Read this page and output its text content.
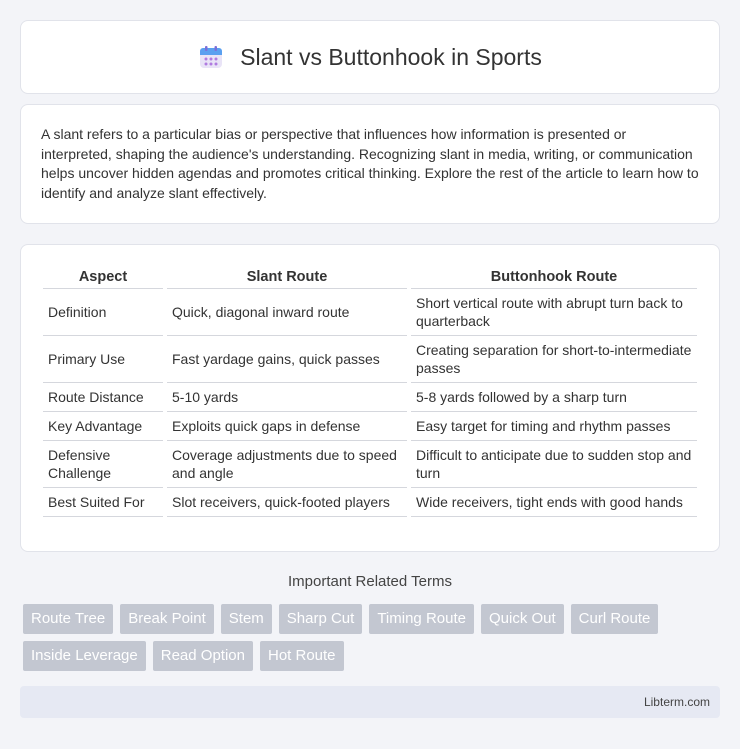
Slant vs Buttonhook in Sports

A slant refers to a particular bias or perspective that influences how information is presented or interpreted, shaping the audience's understanding. Recognizing slant in media, writing, or communication helps uncover hidden agendas and promotes critical thinking. Explore the rest of the article to learn how to identify and analyze slant effectively.

Aspect	Slant Route	Buttonhook Route
Definition	Quick, diagonal inward route	Short vertical route with abrupt turn back to quarterback
Primary Use	Fast yardage gains, quick passes	Creating separation for short-to-intermediate passes
Route Distance	5-10 yards	5-8 yards followed by a sharp turn
Key Advantage	Exploits quick gaps in defense	Easy target for timing and rhythm passes
Defensive Challenge	Coverage adjustments due to speed and angle	Difficult to anticipate due to sudden stop and turn
Best Suited For	Slot receivers, quick-footed players	Wide receivers, tight ends with good hands
Important Related Terms
Route Tree	Break Point	Stem	Sharp Cut	Timing Route	Quick Out	Curl Route
Inside Leverage	Read Option	Hot Route
Libterm.com
